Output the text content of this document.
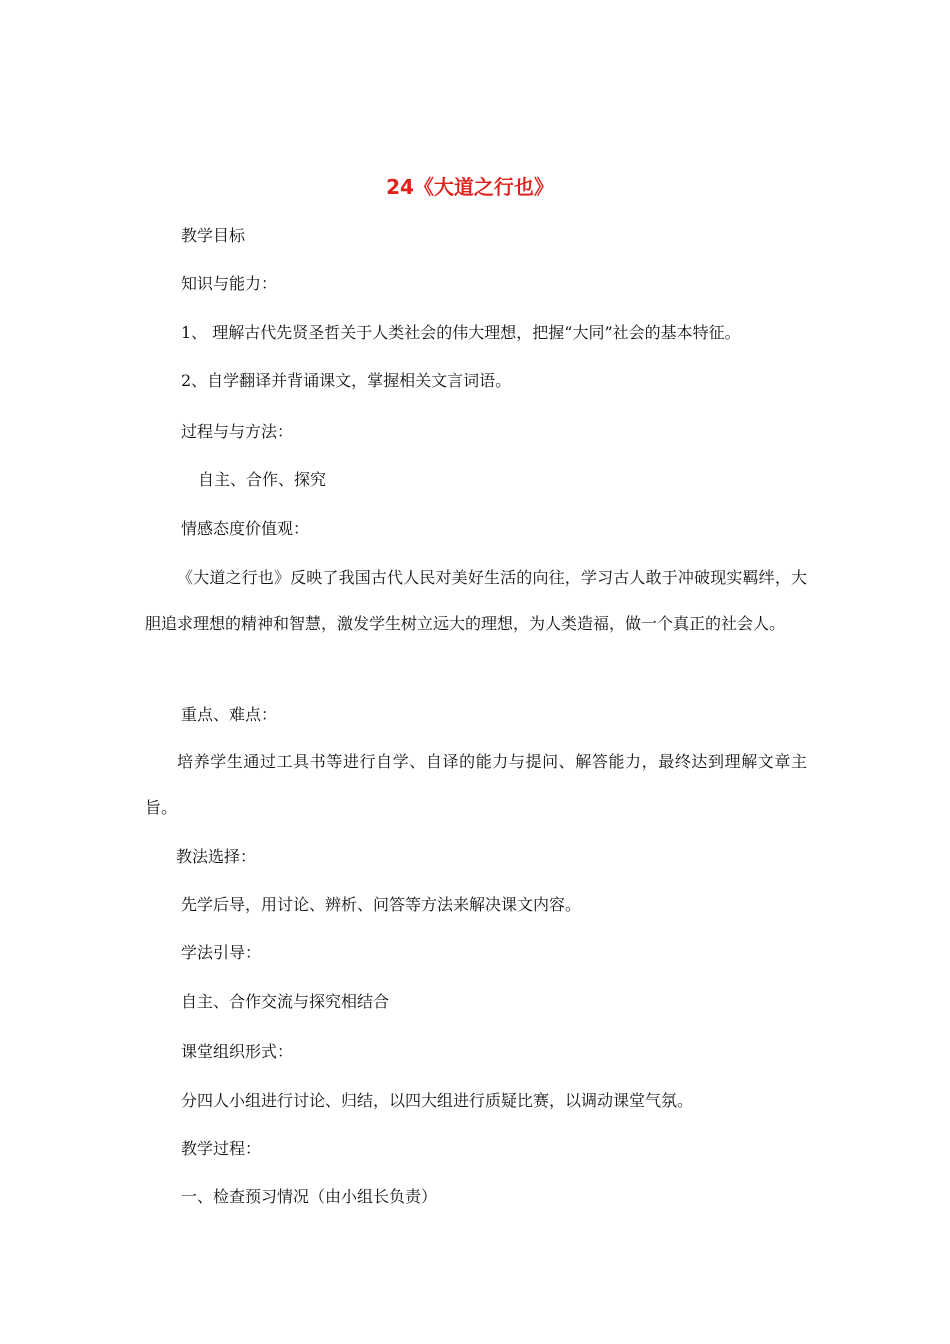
24《大道之行也》
教学目标
知识与能力：
1、 理解古代先贤圣哲关于人类社会的伟大理想，把握“大同”社会的基本特征。
2、自学翻译并背诵课文，掌握相关文言词语。
过程与与方法：
自主、合作、探究
情感态度价值观：
《大道之行也》反映了我国古代人民对美好生活的向往，学习古人敢于冲破现实羁绊，大胆追求理想的精神和智慧，激发学生树立远大的理想，为人类造福，做一个真正的社会人。
重点、难点：
培养学生通过工具书等进行自学、自译的能力与提问、解答能力，最终达到理解文章主旨。
教法选择：
先学后导，用讨论、辨析、问答等方法来解决课文内容。
学法引导：
自主、合作交流与探究相结合
课堂组织形式：
分四人小组进行讨论、归结，以四大组进行质疑比赛，以调动课堂气氛。
教学过程：
一、检查预习情况（由小组长负责）
